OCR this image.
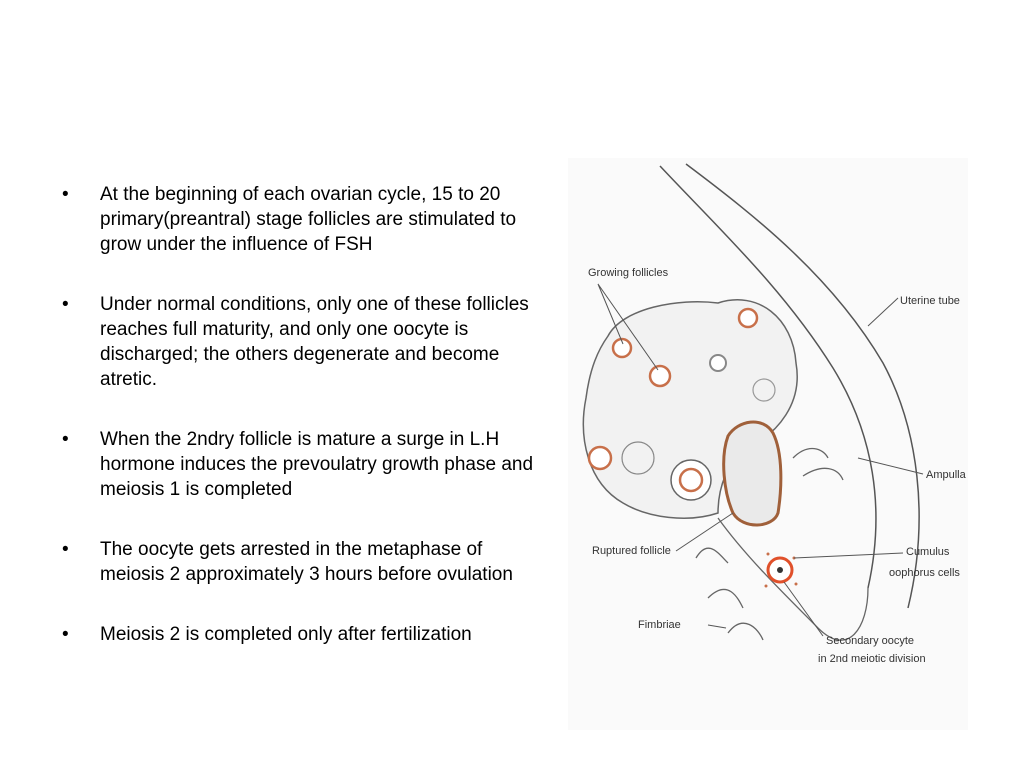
•	At the beginning of each ovarian cycle, 15 to 20 primary(preantral) stage follicles are stimulated to grow under the influence of FSH
•	Under normal conditions, only one of these follicles reaches full maturity, and only one oocyte is discharged; the others degenerate and become atretic.
•	When the 2ndry follicle is mature a surge in L.H hormone induces the prevoulatry growth phase and meiosis 1 is completed
•	The oocyte gets arrested in the metaphase of meiosis 2 approximately 3 hours before ovulation
•	Meiosis 2 is completed only after fertilization
Growing follicles
Uterine tube
Ampulla
Ruptured follicle	Cumulus
oophorus cells
Fimbriae
Secondary oocyte
in 2nd meiotic division
